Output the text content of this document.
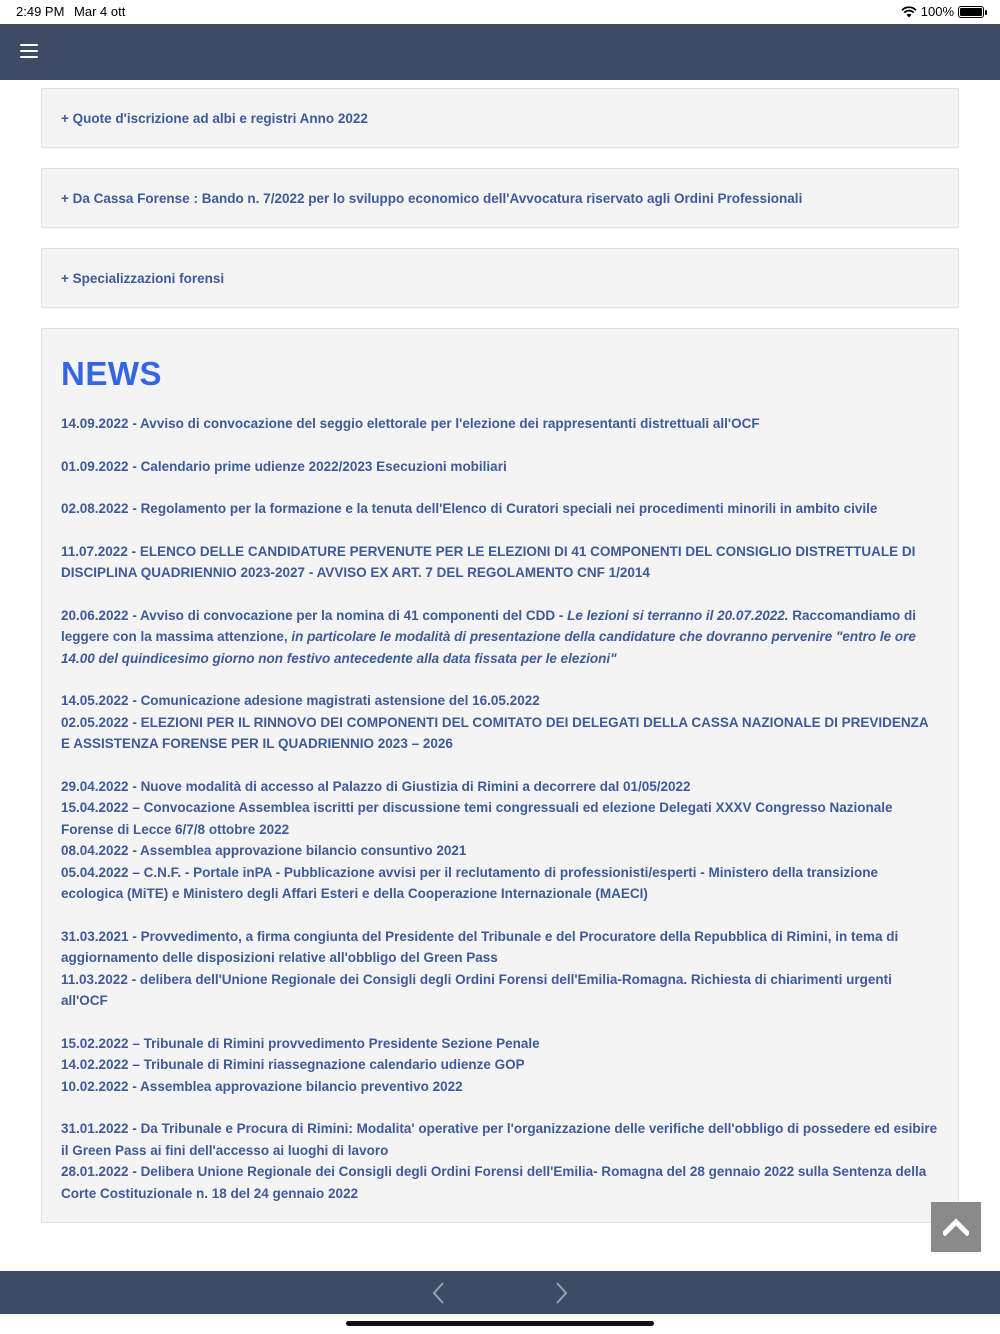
2:49 PM Mar 4 ott	100%
+ Quote d'iscrizione ad albi e registri Anno 2022
+ Da Cassa Forense : Bando n. 7/2022 per lo sviluppo economico dell'Avvocatura riservato agli Ordini Professionali
+ Specializzazioni forensi
NEWS
14.09.2022 - Avviso di convocazione del seggio elettorale per l'elezione dei rappresentanti distrettuali all'OCF
01.09.2022 - Calendario prime udienze 2022/2023 Esecuzioni mobiliari
02.08.2022 - Regolamento per la formazione e la tenuta dell'Elenco di Curatori speciali nei procedimenti minorili in ambito civile
11.07.2022 - ELENCO DELLE CANDIDATURE PERVENUTE PER LE ELEZIONI DI 41 COMPONENTI DEL CONSIGLIO DISTRETTUALE DI DISCIPLINA QUADRIENNIO 2023-2027 - AVVISO EX ART. 7 DEL REGOLAMENTO CNF 1/2014
20.06.2022 - Avviso di convocazione per la nomina di 41 componenti del CDD - Le lezioni si terranno il 20.07.2022. Raccomandiamo di leggere con la massima attenzione, in particolare le modalità di presentazione della candidature che dovranno pervenire "entro le ore 14.00 del quindicesimo giorno non festivo antecedente alla data fissata per le elezioni"
14.05.2022 - Comunicazione adesione magistrati astensione del 16.05.2022
02.05.2022 - ELEZIONI PER IL RINNOVO DEI COMPONENTI DEL COMITATO DEI DELEGATI DELLA CASSA NAZIONALE DI PREVIDENZA E ASSISTENZA FORENSE PER IL QUADRIENNIO 2023 – 2026
29.04.2022 - Nuove modalità di accesso al Palazzo di Giustizia di Rimini a decorrere dal 01/05/2022
15.04.2022 – Convocazione Assemblea iscritti per discussione temi congressuali ed elezione Delegati XXXV Congresso Nazionale Forense di Lecce 6/7/8 ottobre 2022
08.04.2022 - Assemblea approvazione bilancio consuntivo 2021
05.04.2022 – C.N.F. - Portale inPA - Pubblicazione avvisi per il reclutamento di professionisti/esperti - Ministero della transizione ecologica (MiTE) e Ministero degli Affari Esteri e della Cooperazione Internazionale (MAECI)
31.03.2021 - Provvedimento, a firma congiunta del Presidente del Tribunale e del Procuratore della Repubblica di Rimini, in tema di aggiornamento delle disposizioni relative all'obbligo del Green Pass
11.03.2022 - delibera dell'Unione Regionale dei Consigli degli Ordini Forensi dell'Emilia-Romagna. Richiesta di chiarimenti urgenti all'OCF
15.02.2022 – Tribunale di Rimini provvedimento Presidente Sezione Penale
14.02.2022 – Tribunale di Rimini riassegnazione calendario udienze GOP
10.02.2022 - Assemblea approvazione bilancio preventivo 2022
31.01.2022 - Da Tribunale e Procura di Rimini: Modalita' operative per l'organizzazione delle verifiche dell'obbligo di possedere ed esibire il Green Pass ai fini dell'accesso ai luoghi di lavoro
28.01.2022 - Delibera Unione Regionale dei Consigli degli Ordini Forensi dell'Emilia- Romagna del 28 gennaio 2022 sulla Sentenza della Corte Costituzionale n. 18 del 24 gennaio 2022
